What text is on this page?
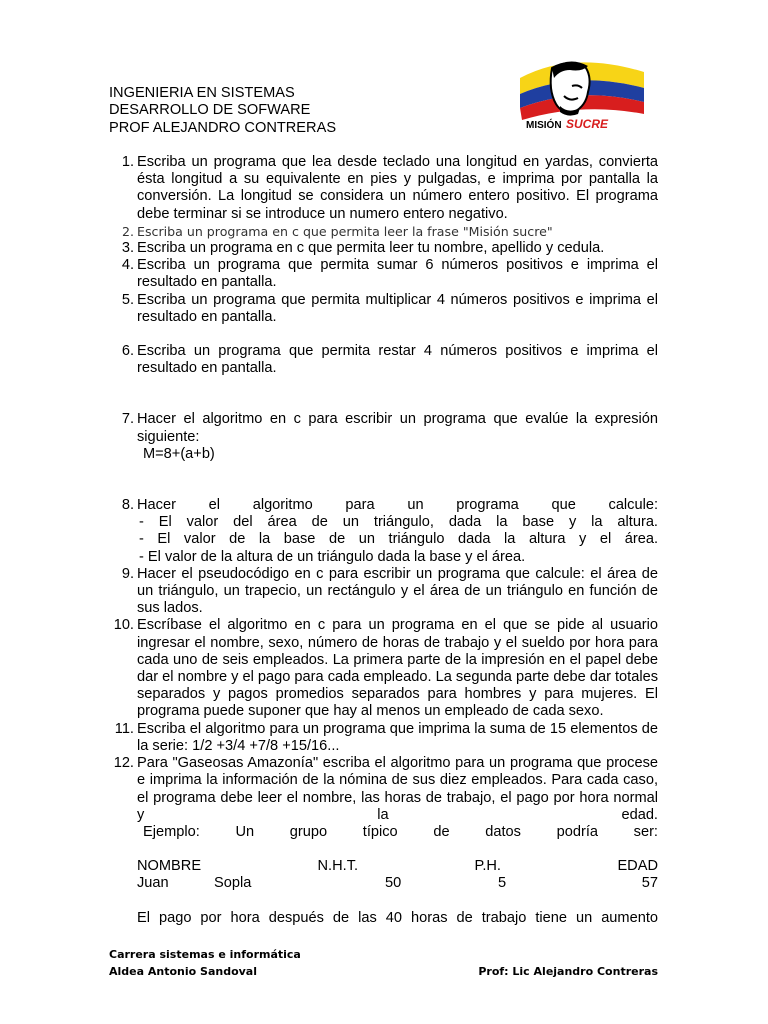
INGENIERIA EN SISTEMAS
DESARROLLO DE SOFWARE
PROF ALEJANDRO CONTRERAS	MISIÓN SUCRE
1. Escriba un programa que lea desde teclado una longitud en yardas, convierta ésta longitud a su equivalente en pies y pulgadas, e imprima por pantalla la conversión. La longitud se considera un número entero positivo. El programa debe terminar si se introduce un numero entero negativo.
2. Escriba un programa en c que permita leer la frase "Misión sucre"
3. Escriba un programa en c que permita leer tu nombre, apellido y cedula.
4. Escriba un programa que permita sumar 6 números positivos e imprima el resultado en pantalla.
5. Escriba un programa que permita multiplicar 4 números positivos e imprima el resultado en pantalla.
6. Escriba un programa que permita restar 4 números positivos e imprima el resultado en pantalla.
7. Hacer el algoritmo en c para escribir un programa que evalúe la expresión siguiente:
M=8+(a+b)
8. Hacer el algoritmo para un programa que calcule:
- El valor del área de un triángulo, dada la base y la altura.
- El valor de la base de un triángulo dada la altura y el área.
- El valor de la altura de un triángulo dada la base y el área.
9. Hacer el pseudocódigo en c para escribir un programa que calcule: el área de un triángulo, un trapecio, un rectángulo y el área de un triángulo en función de sus lados.
10. Escríbase el algoritmo en c para un programa en el que se pide al usuario ingresar el nombre, sexo, número de horas de trabajo y el sueldo por hora para cada uno de seis empleados. La primera parte de la impresión en el papel debe dar el nombre y el pago para cada empleado. La segunda parte debe dar totales separados y pagos promedios separados para hombres y para mujeres. El programa puede suponer que hay al menos un empleado de cada sexo.
11. Escriba el algoritmo para un programa que imprima la suma de 15 elementos de la serie: 1/2 +3/4 +7/8 +15/16...
12. Para "Gaseosas Amazonía" escriba el algoritmo para un programa que procese e imprima la información de la nómina de sus diez empleados. Para cada caso, el programa debe leer el nombre, las horas de trabajo, el pago por hora normal y la edad.
Ejemplo: Un grupo típico de datos podría ser:
NOMBRE	N.H.T.	P.H.	EDAD
Juan	Sopla	50	5	57
El pago por hora después de las 40 horas de trabajo tiene un aumento
Carrera sistemas e informática
Aldea Antonio Sandoval	Prof: Lic Alejandro Contreras
